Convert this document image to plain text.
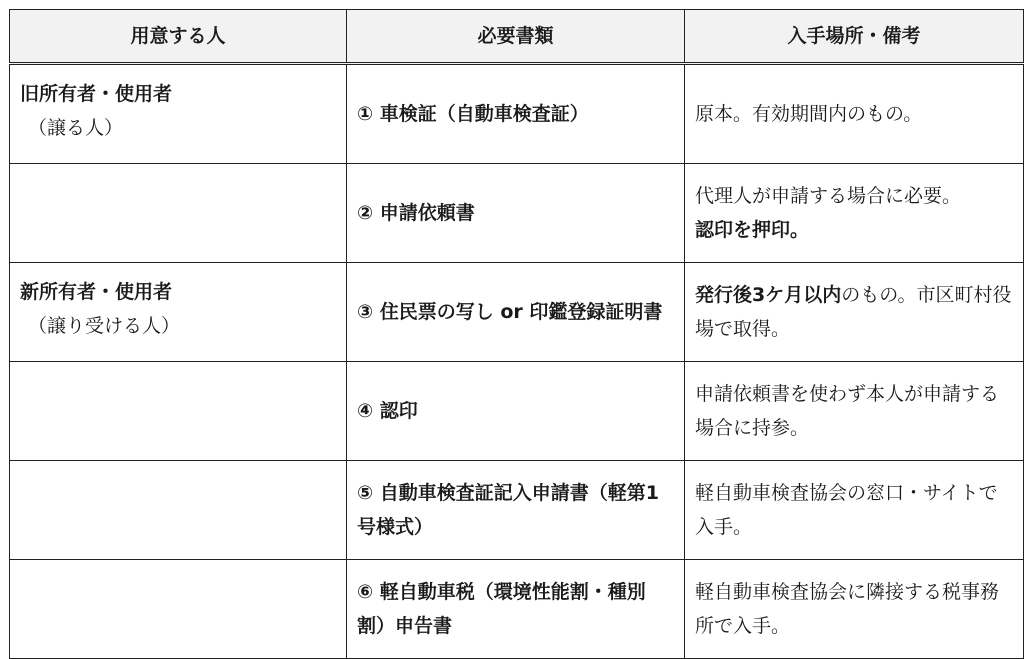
用意する人	必要書類	入手場所・備考

旧所有者・使用者
（譲る人）	① 車検証（自動車検査証）	原本。有効期間内のもの。
	② 申請依頼書	代理人が申請する場合に必要。
認印を押印。

新所有者・使用者
（譲り受ける人）	③ 住民票の写し or 印鑑登録証明書	発行後3ケ月以内のもの。市区町村役場で取得。
	④ 認印	申請依頼書を使わず本人が申請する場合に持参。
	⑤ 自動車検査証記入申請書（軽第1号様式）	軽自動車検査協会の窓口・サイトで入手。
	⑥ 軽自動車税（環境性能割・種別割）申告書	軽自動車検査協会に隣接する税事務所で入手。
